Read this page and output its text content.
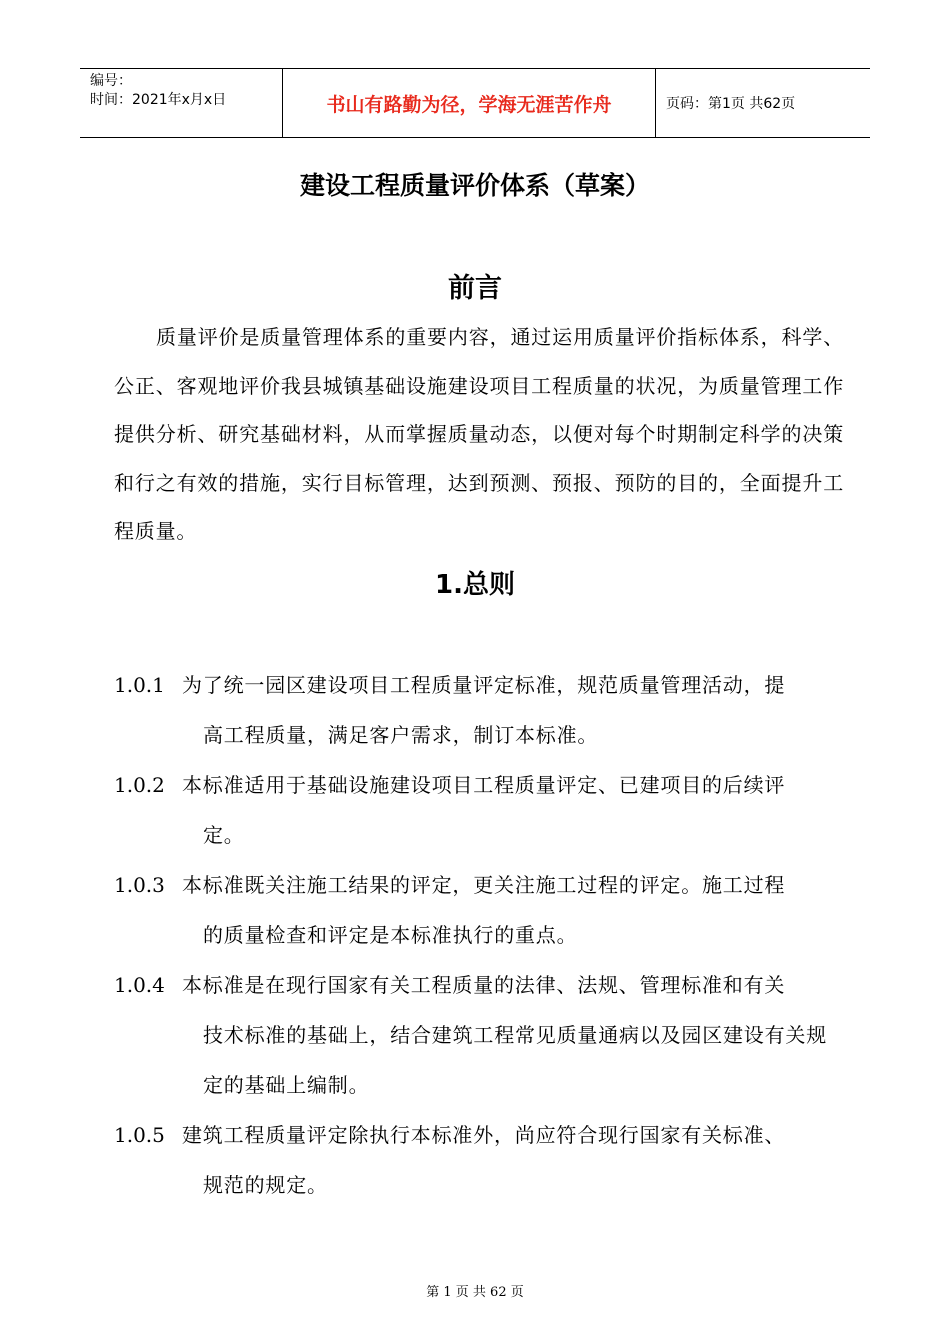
编号：
时间：2021年x月x日	书山有路勤为径，学海无涯苦作舟	页码：第1页 共62页
建设工程质量评价体系（草案）
前言
质量评价是质量管理体系的重要内容，通过运用质量评价指标体系，科学、公正、客观地评价我县城镇基础设施建设项目工程质量的状况，为质量管理工作提供分析、研究基础材料，从而掌握质量动态，以便对每个时期制定科学的决策和行之有效的措施，实行目标管理，达到预测、预报、预防的目的，全面提升工程质量。
1.总则
1.0.1 为了统一园区建设项目工程质量评定标准，规范质量管理活动，提
高工程质量，满足客户需求，制订本标准。
1.0.2 本标准适用于基础设施建设项目工程质量评定、已建项目的后续评
定。
1.0.3 本标准既关注施工结果的评定，更关注施工过程的评定。施工过程
的质量检查和评定是本标准执行的重点。
1.0.4 本标准是在现行国家有关工程质量的法律、法规、管理标准和有关
技术标准的基础上，结合建筑工程常见质量通病以及园区建设有关规定的基础上编制。
1.0.5 建筑工程质量评定除执行本标准外，尚应符合现行国家有关标准、
规范的规定。
第 1 页 共 62 页
